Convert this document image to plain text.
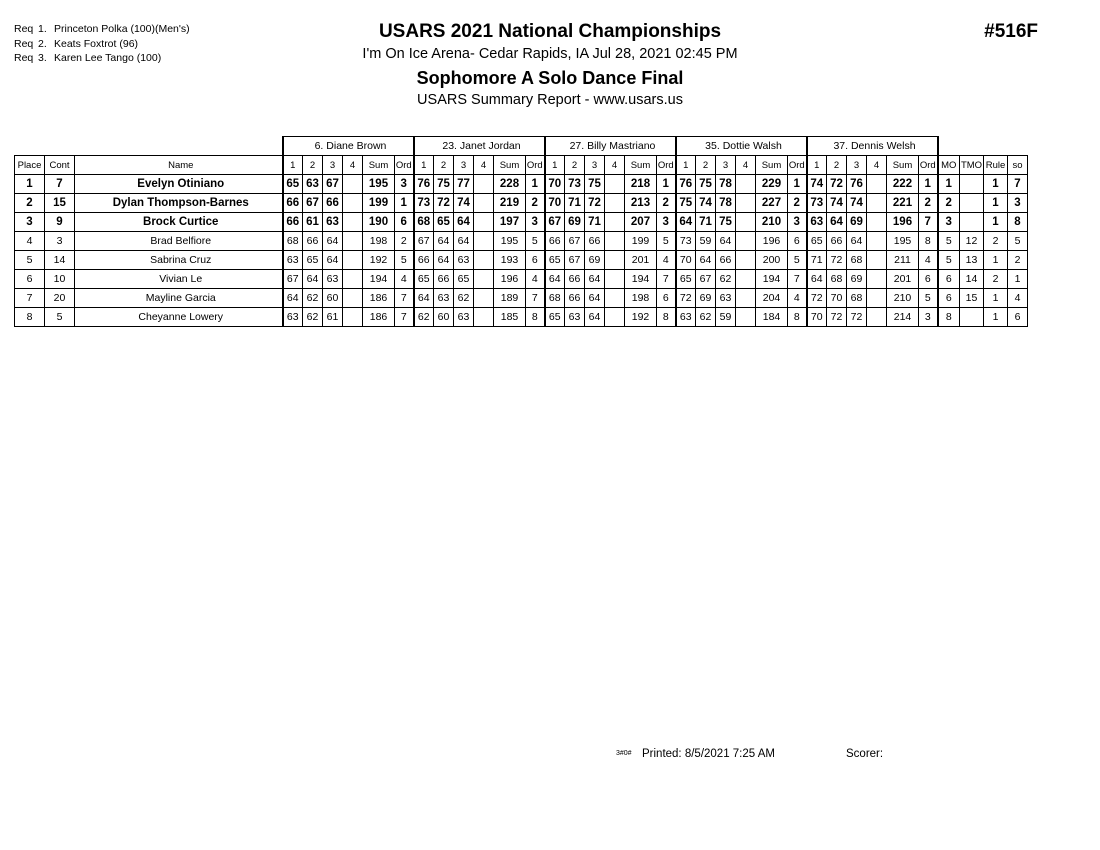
Req 1. Princeton Polka (100)(Men's)
Req 2. Keats Foxtrot (96)
Req 3. Karen Lee Tango (100)
USARS 2021 National Championships
I'm On Ice Arena- Cedar Rapids, IA Jul 28, 2021 02:45 PM
Sophomore A Solo Dance Final
USARS Summary Report - www.usars.us
#516F
			6. Diane Brown						23. Janet Jordan						27. Billy Mastriano						35. Dottie Walsh						37. Dennis Welsh									
Place	Cont	Name	1	2	3	4	Sum	Ord	1	2	3	4	Sum	Ord	1	2	3	4	Sum	Ord	1	2	3	4	Sum	Ord	1	2	3	4	Sum	Ord	MO	TMO	Rule	so
1	7	Evelyn Otiniano	65	63	67		195	3	76	75	77		228	1	70	73	75		218	1	76	75	78		229	1	74	72	76		222	1	1		1	7
2	15	Dylan Thompson-Barnes	66	67	66		199	1	73	72	74		219	2	70	71	72		213	2	75	74	78		227	2	73	74	74		221	2	2		1	3
3	9	Brock Curtice	66	61	63		190	6	68	65	64		197	3	67	69	71		207	3	64	71	75		210	3	63	64	69		196	7	3		1	8
4	3	Brad Belfiore	68	66	64		198	2	67	64	64		195	5	66	67	66		199	5	73	59	64		196	6	65	66	64		195	8	5	12	2	5
5	14	Sabrina Cruz	63	65	64		192	5	66	64	63		193	6	65	67	69		201	4	70	64	66		200	5	71	72	68		211	4	5	13	1	2
6	10	Vivian Le	67	64	63		194	4	65	66	65		196	4	64	66	64		194	7	65	67	62		194	7	64	68	69		201	6	6	14	2	1
7	20	Mayline Garcia	64	62	60		186	7	64	63	62		189	7	68	66	64		198	6	72	69	63		204	4	72	70	68		210	5	6	15	1	4
8	5	Cheyanne Lowery	63	62	61		186	7	62	60	63		185	8	65	63	64		192	8	63	62	59		184	8	70	72	72		214	3	8		1	6
3#0# Printed: 8/5/2021 7:25 AM	Scorer:
